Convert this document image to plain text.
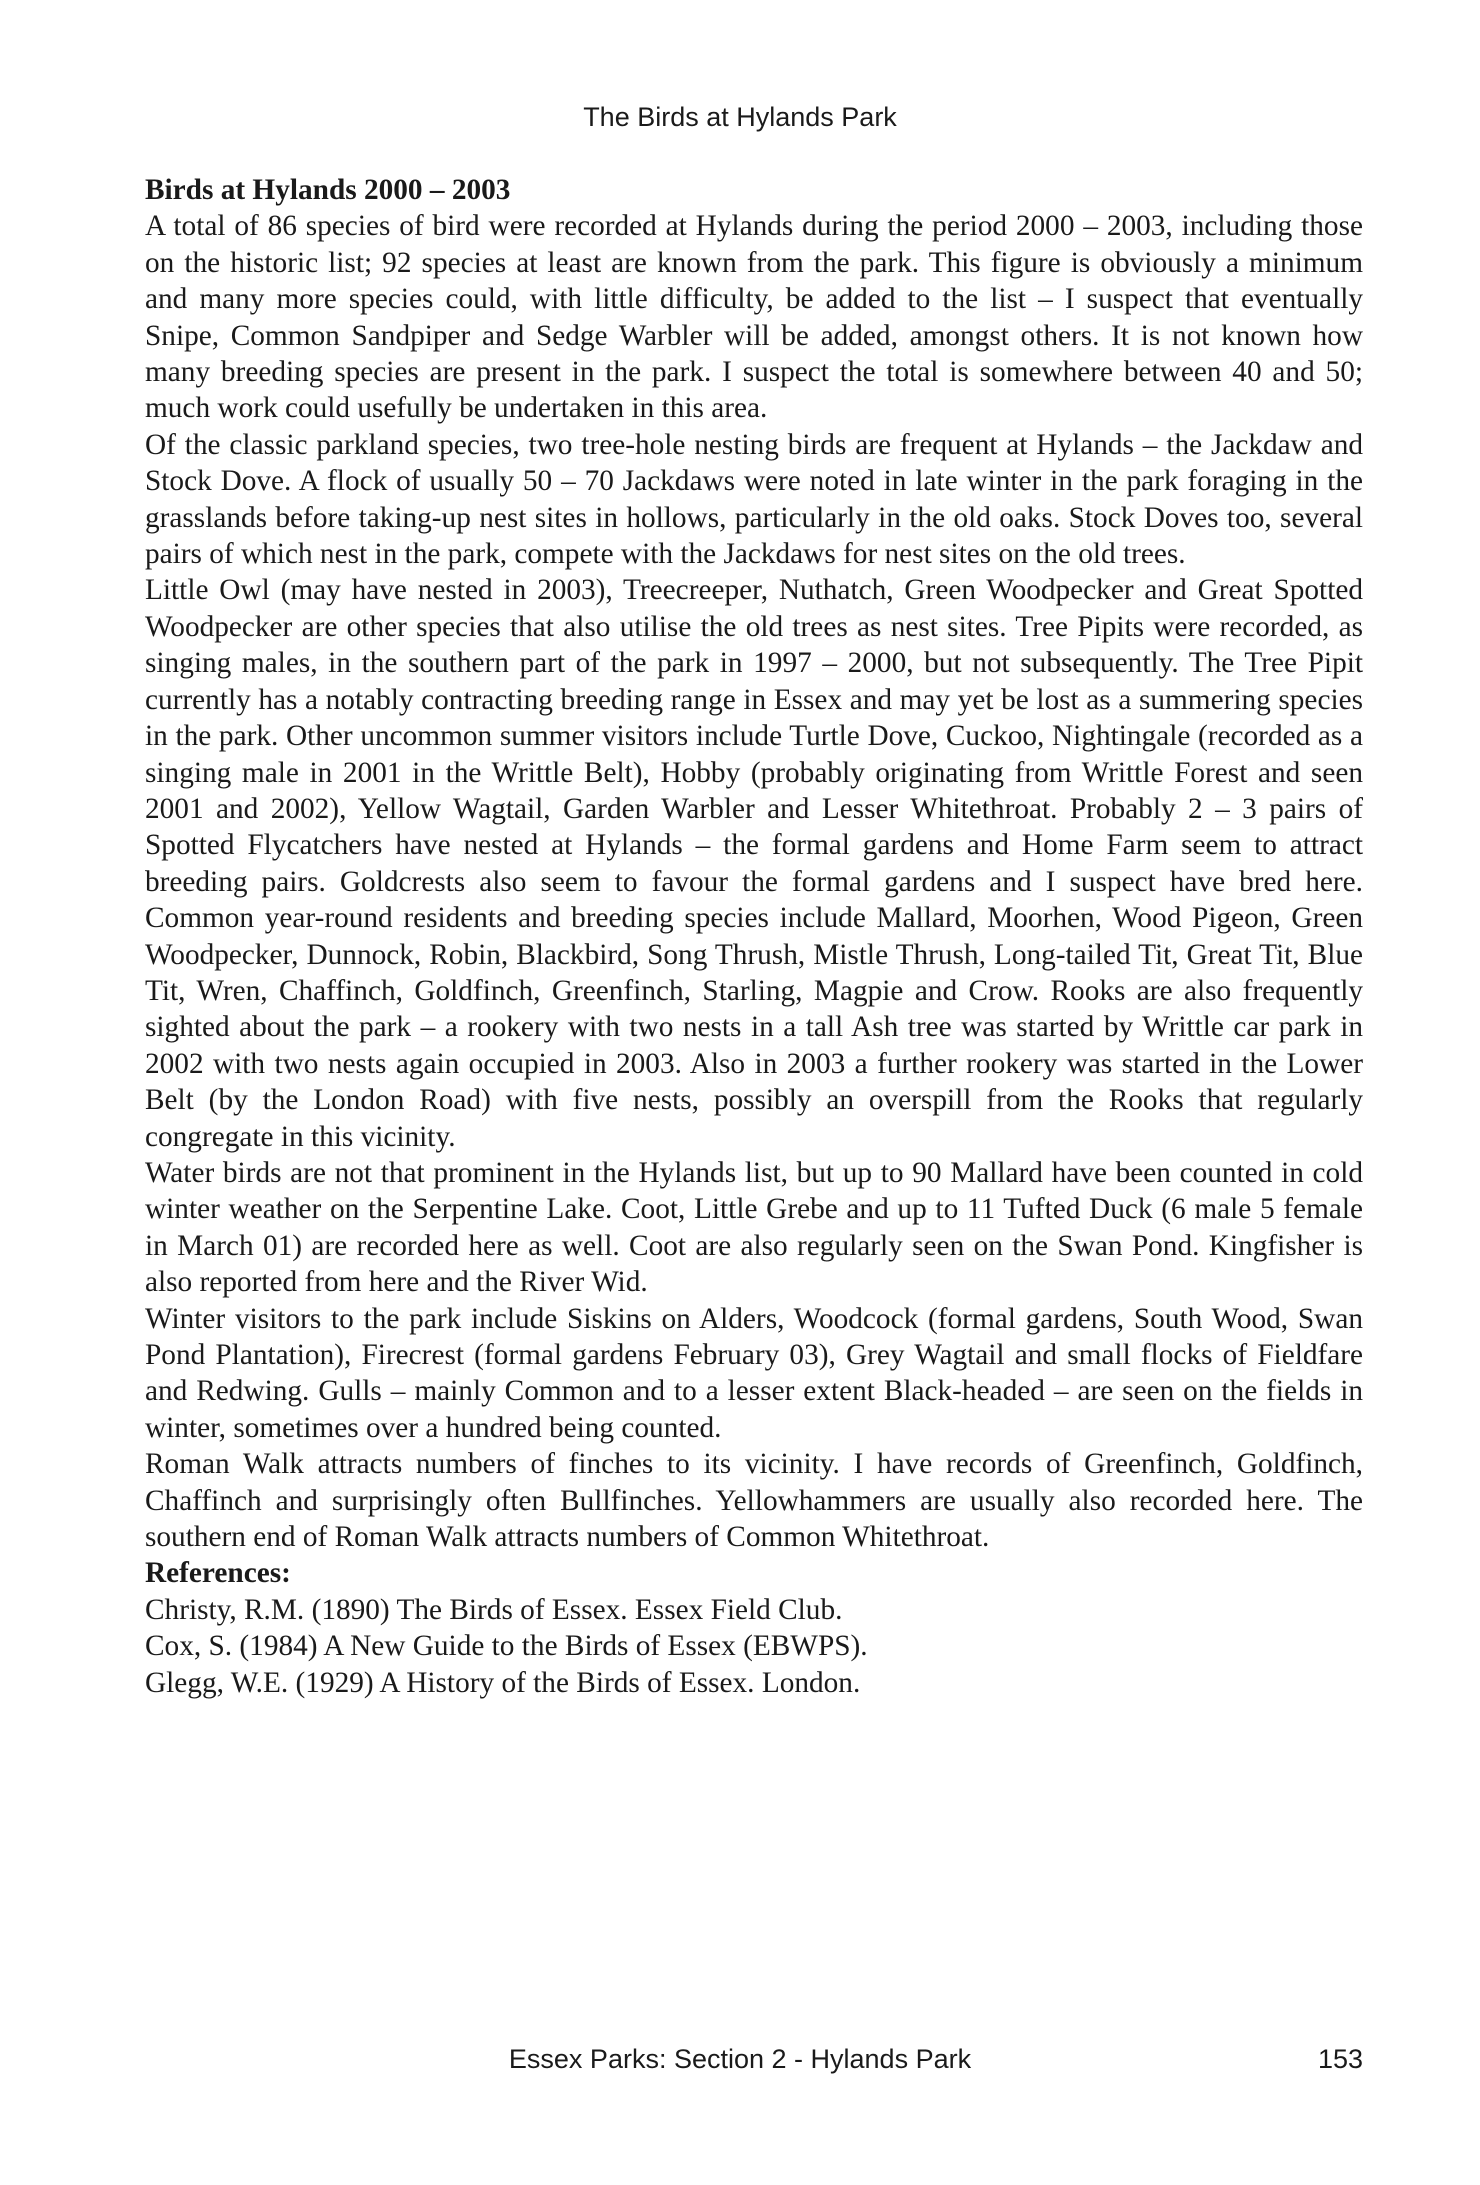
The Birds at Hylands Park

Birds at Hylands 2000 – 2003

A total of 86 species of bird were recorded at Hylands during the period 2000 – 2003, including those on the historic list; 92 species at least are known from the park. This figure is obviously a minimum and many more species could, with little difficulty, be added to the list – I suspect that eventually Snipe, Common Sandpiper and Sedge Warbler will be added, amongst others. It is not known how many breeding species are present in the park. I suspect the total is somewhere between 40 and 50; much work could usefully be undertaken in this area.

Of the classic parkland species, two tree-hole nesting birds are frequent at Hylands – the Jackdaw and Stock Dove. A flock of usually 50 – 70 Jackdaws were noted in late winter in the park foraging in the grasslands before taking-up nest sites in hollows, particularly in the old oaks. Stock Doves too, several pairs of which nest in the park, compete with the Jackdaws for nest sites on the old trees.

Little Owl (may have nested in 2003), Treecreeper, Nuthatch, Green Woodpecker and Great Spotted Woodpecker are other species that also utilise the old trees as nest sites. Tree Pipits were recorded, as singing males, in the southern part of the park in 1997 – 2000, but not subsequently. The Tree Pipit currently has a notably contracting breeding range in Essex and may yet be lost as a summering species in the park. Other uncommon summer visitors include Turtle Dove, Cuckoo, Nightingale (recorded as a singing male in 2001 in the Writtle Belt), Hobby (probably originating from Writtle Forest and seen 2001 and 2002), Yellow Wagtail, Garden Warbler and Lesser Whitethroat. Probably 2 – 3 pairs of Spotted Flycatchers have nested at Hylands – the formal gardens and Home Farm seem to attract breeding pairs. Goldcrests also seem to favour the formal gardens and I suspect have bred here. Common year-round residents and breeding species include Mallard, Moorhen, Wood Pigeon, Green Woodpecker, Dunnock, Robin, Blackbird, Song Thrush, Mistle Thrush, Long-tailed Tit, Great Tit, Blue Tit, Wren, Chaffinch, Goldfinch, Greenfinch, Starling, Magpie and Crow. Rooks are also frequently sighted about the park – a rookery with two nests in a tall Ash tree was started by Writtle car park in 2002 with two nests again occupied in 2003. Also in 2003 a further rookery was started in the Lower Belt (by the London Road) with five nests, possibly an overspill from the Rooks that regularly congregate in this vicinity.

Water birds are not that prominent in the Hylands list, but up to 90 Mallard have been counted in cold winter weather on the Serpentine Lake. Coot, Little Grebe and up to 11 Tufted Duck (6 male 5 female in March 01) are recorded here as well. Coot are also regularly seen on the Swan Pond. Kingfisher is also reported from here and the River Wid.

Winter visitors to the park include Siskins on Alders, Woodcock (formal gardens, South Wood, Swan Pond Plantation), Firecrest (formal gardens February 03), Grey Wagtail and small flocks of Fieldfare and Redwing. Gulls – mainly Common and to a lesser extent Black-headed – are seen on the fields in winter, sometimes over a hundred being counted.

Roman Walk attracts numbers of finches to its vicinity. I have records of Greenfinch, Goldfinch, Chaffinch and surprisingly often Bullfinches. Yellowhammers are usually also recorded here. The southern end of Roman Walk attracts numbers of Common Whitethroat.

References:

Christy, R.M. (1890) The Birds of Essex. Essex Field Club.

Cox, S. (1984) A New Guide to the Birds of Essex (EBWPS).

Glegg, W.E. (1929) A History of the Birds of Essex. London.

Essex Parks: Section 2 - Hylands Park	153
